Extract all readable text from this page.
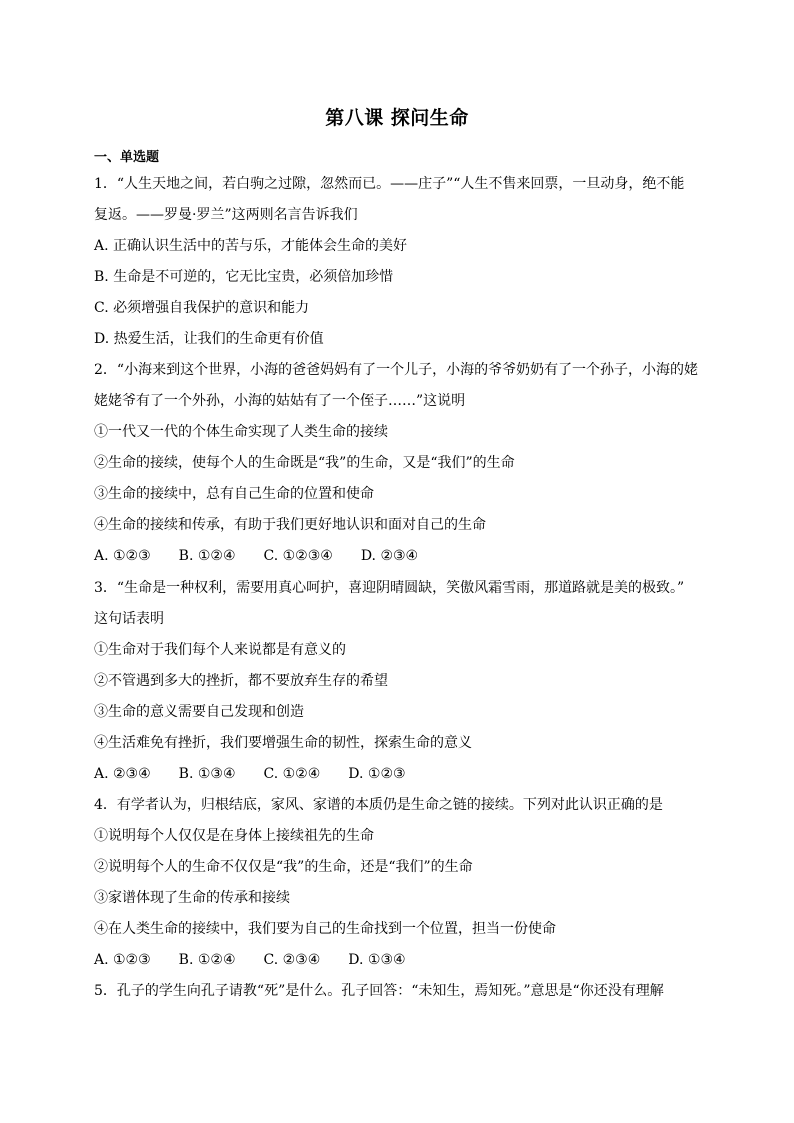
第八课 探问生命
一、单选题
1．“人生天地之间，若白驹之过隙，忽然而已。——庄子”“人生不售来回票，一旦动身，绝不能
复返。——罗曼·罗兰”这两则名言告诉我们
A. 正确认识生活中的苦与乐，才能体会生命的美好
B. 生命是不可逆的，它无比宝贵，必须倍加珍惜
C. 必须增强自我保护的意识和能力
D. 热爱生活，让我们的生命更有价值
2．“小海来到这个世界，小海的爸爸妈妈有了一个儿子，小海的爷爷奶奶有了一个孙子，小海的姥
姥姥爷有了一个外孙，小海的姑姑有了一个侄子……”这说明
①一代又一代的个体生命实现了人类生命的接续
②生命的接续，使每个人的生命既是“我”的生命，又是“我们”的生命
③生命的接续中，总有自己生命的位置和使命
④生命的接续和传承，有助于我们更好地认识和面对自己的生命
A. ①②③　　B. ①②④　　C. ①②③④　　D. ②③④
3．“生命是一种权利，需要用真心呵护，喜迎阴晴圆缺，笑傲风霜雪雨，那道路就是美的极致。”
这句话表明
①生命对于我们每个人来说都是有意义的
②不管遇到多大的挫折，都不要放弃生存的希望
③生命的意义需要自己发现和创造
④生活难免有挫折，我们要增强生命的韧性，探索生命的意义
A. ②③④　　B. ①③④　　C. ①②④　　D. ①②③
4．有学者认为，归根结底，家风、家谱的本质仍是生命之链的接续。下列对此认识正确的是
①说明每个人仅仅是在身体上接续祖先的生命
②说明每个人的生命不仅仅是“我”的生命，还是“我们”的生命
③家谱体现了生命的传承和接续
④在人类生命的接续中，我们要为自己的生命找到一个位置，担当一份使命
A. ①②③　　B. ①②④　　C. ②③④　　D. ①③④
5．孔子的学生向孔子请教“死”是什么。孔子回答：“未知生，焉知死。”意思是“你还没有理解
